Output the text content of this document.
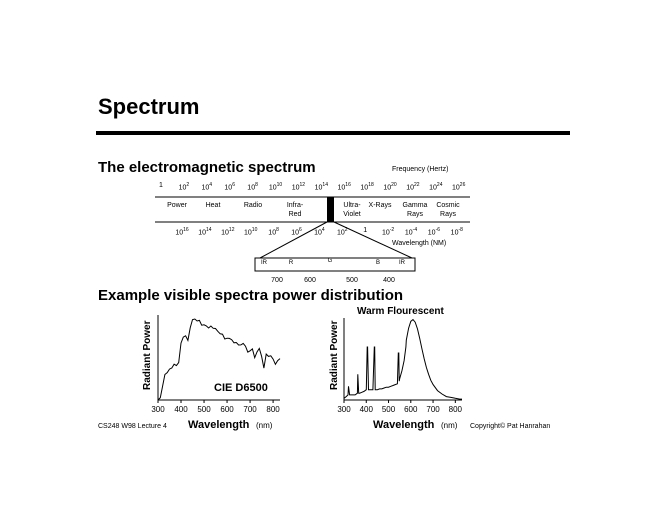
Spectrum
The electromagnetic spectrum	Frequency (Hertz)
1 $10^2$ $10^4$ $10^6$ $10^8$ $10^{10}$ $10^{12}$ $10^{14}$ $10^{16}$ $10^{18}$ $10^{20}$ $10^{22}$ $10^{24}$ $10^{26}$
Power	Heat	Radio	Infra-
Red
Ultra-
Violet
X-Rays Gamma
Rays
Cosmic
Rays
$10^{16}$ $10^{14}$ $10^{12}$ $10^{10}$ $10^8$ $10^6$ $10^4$ $10^2$ 1 $10^{-2}$ $10^{-4}$ $10^{-6}$ $10^{-8}$
Wavelength (NM)
IR	R	G	B	IR
700	600	500	400
Example visible spectra power distribution
Radiant Power
300 400 500 600 700 800
CIE D6500
Wavelength (nm)
Radiant Power
300 400 500 600 700 800
Warm Flourescent
Wavelength (nm)
CS248 W98 Lecture 4	Copyright© Pat Hanrahan
